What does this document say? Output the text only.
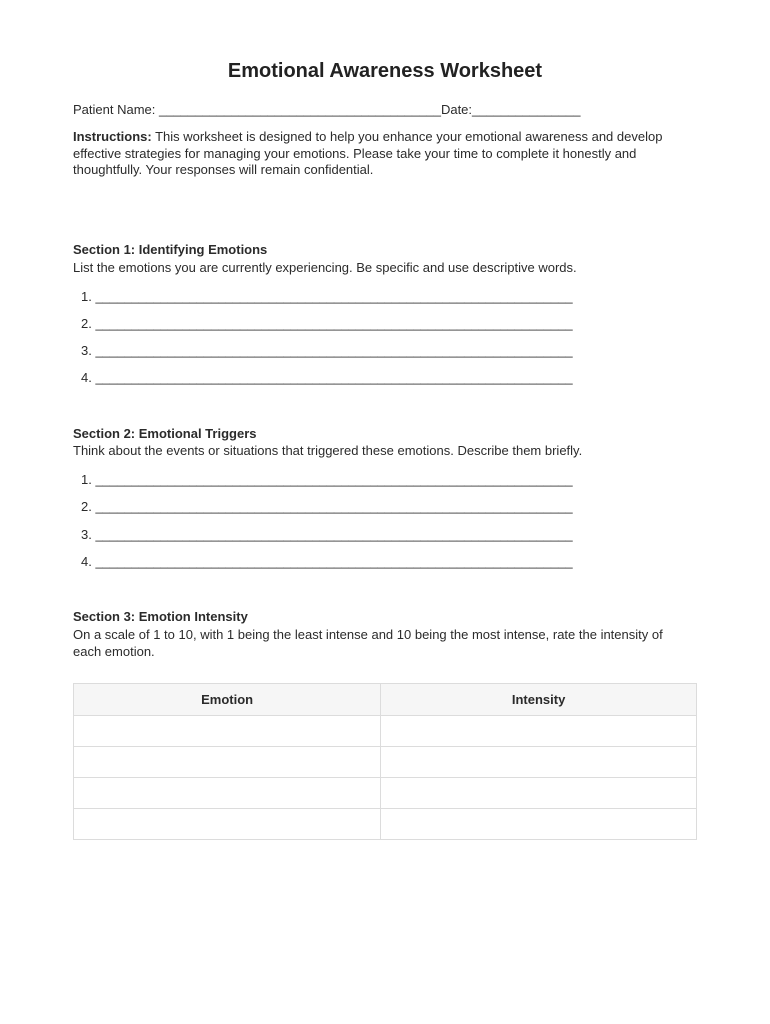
Emotional Awareness Worksheet
Patient Name: _______________________________________Date:_______________
Instructions: This worksheet is designed to help you enhance your emotional awareness and develop effective strategies for managing your emotions. Please take your time to complete it honestly and thoughtfully. Your responses will remain confidential.
Section 1: Identifying Emotions
List the emotions you are currently experiencing. Be specific and use descriptive words.
1. __________________________________________________________________
2. __________________________________________________________________
3. __________________________________________________________________
4. __________________________________________________________________
Section 2: Emotional Triggers
Think about the events or situations that triggered these emotions. Describe them briefly.
1. __________________________________________________________________
2. __________________________________________________________________
3. __________________________________________________________________
4. __________________________________________________________________
Section 3: Emotion Intensity
On a scale of 1 to 10, with 1 being the least intense and 10 being the most intense, rate the intensity of each emotion.
Emotion	Intensity
